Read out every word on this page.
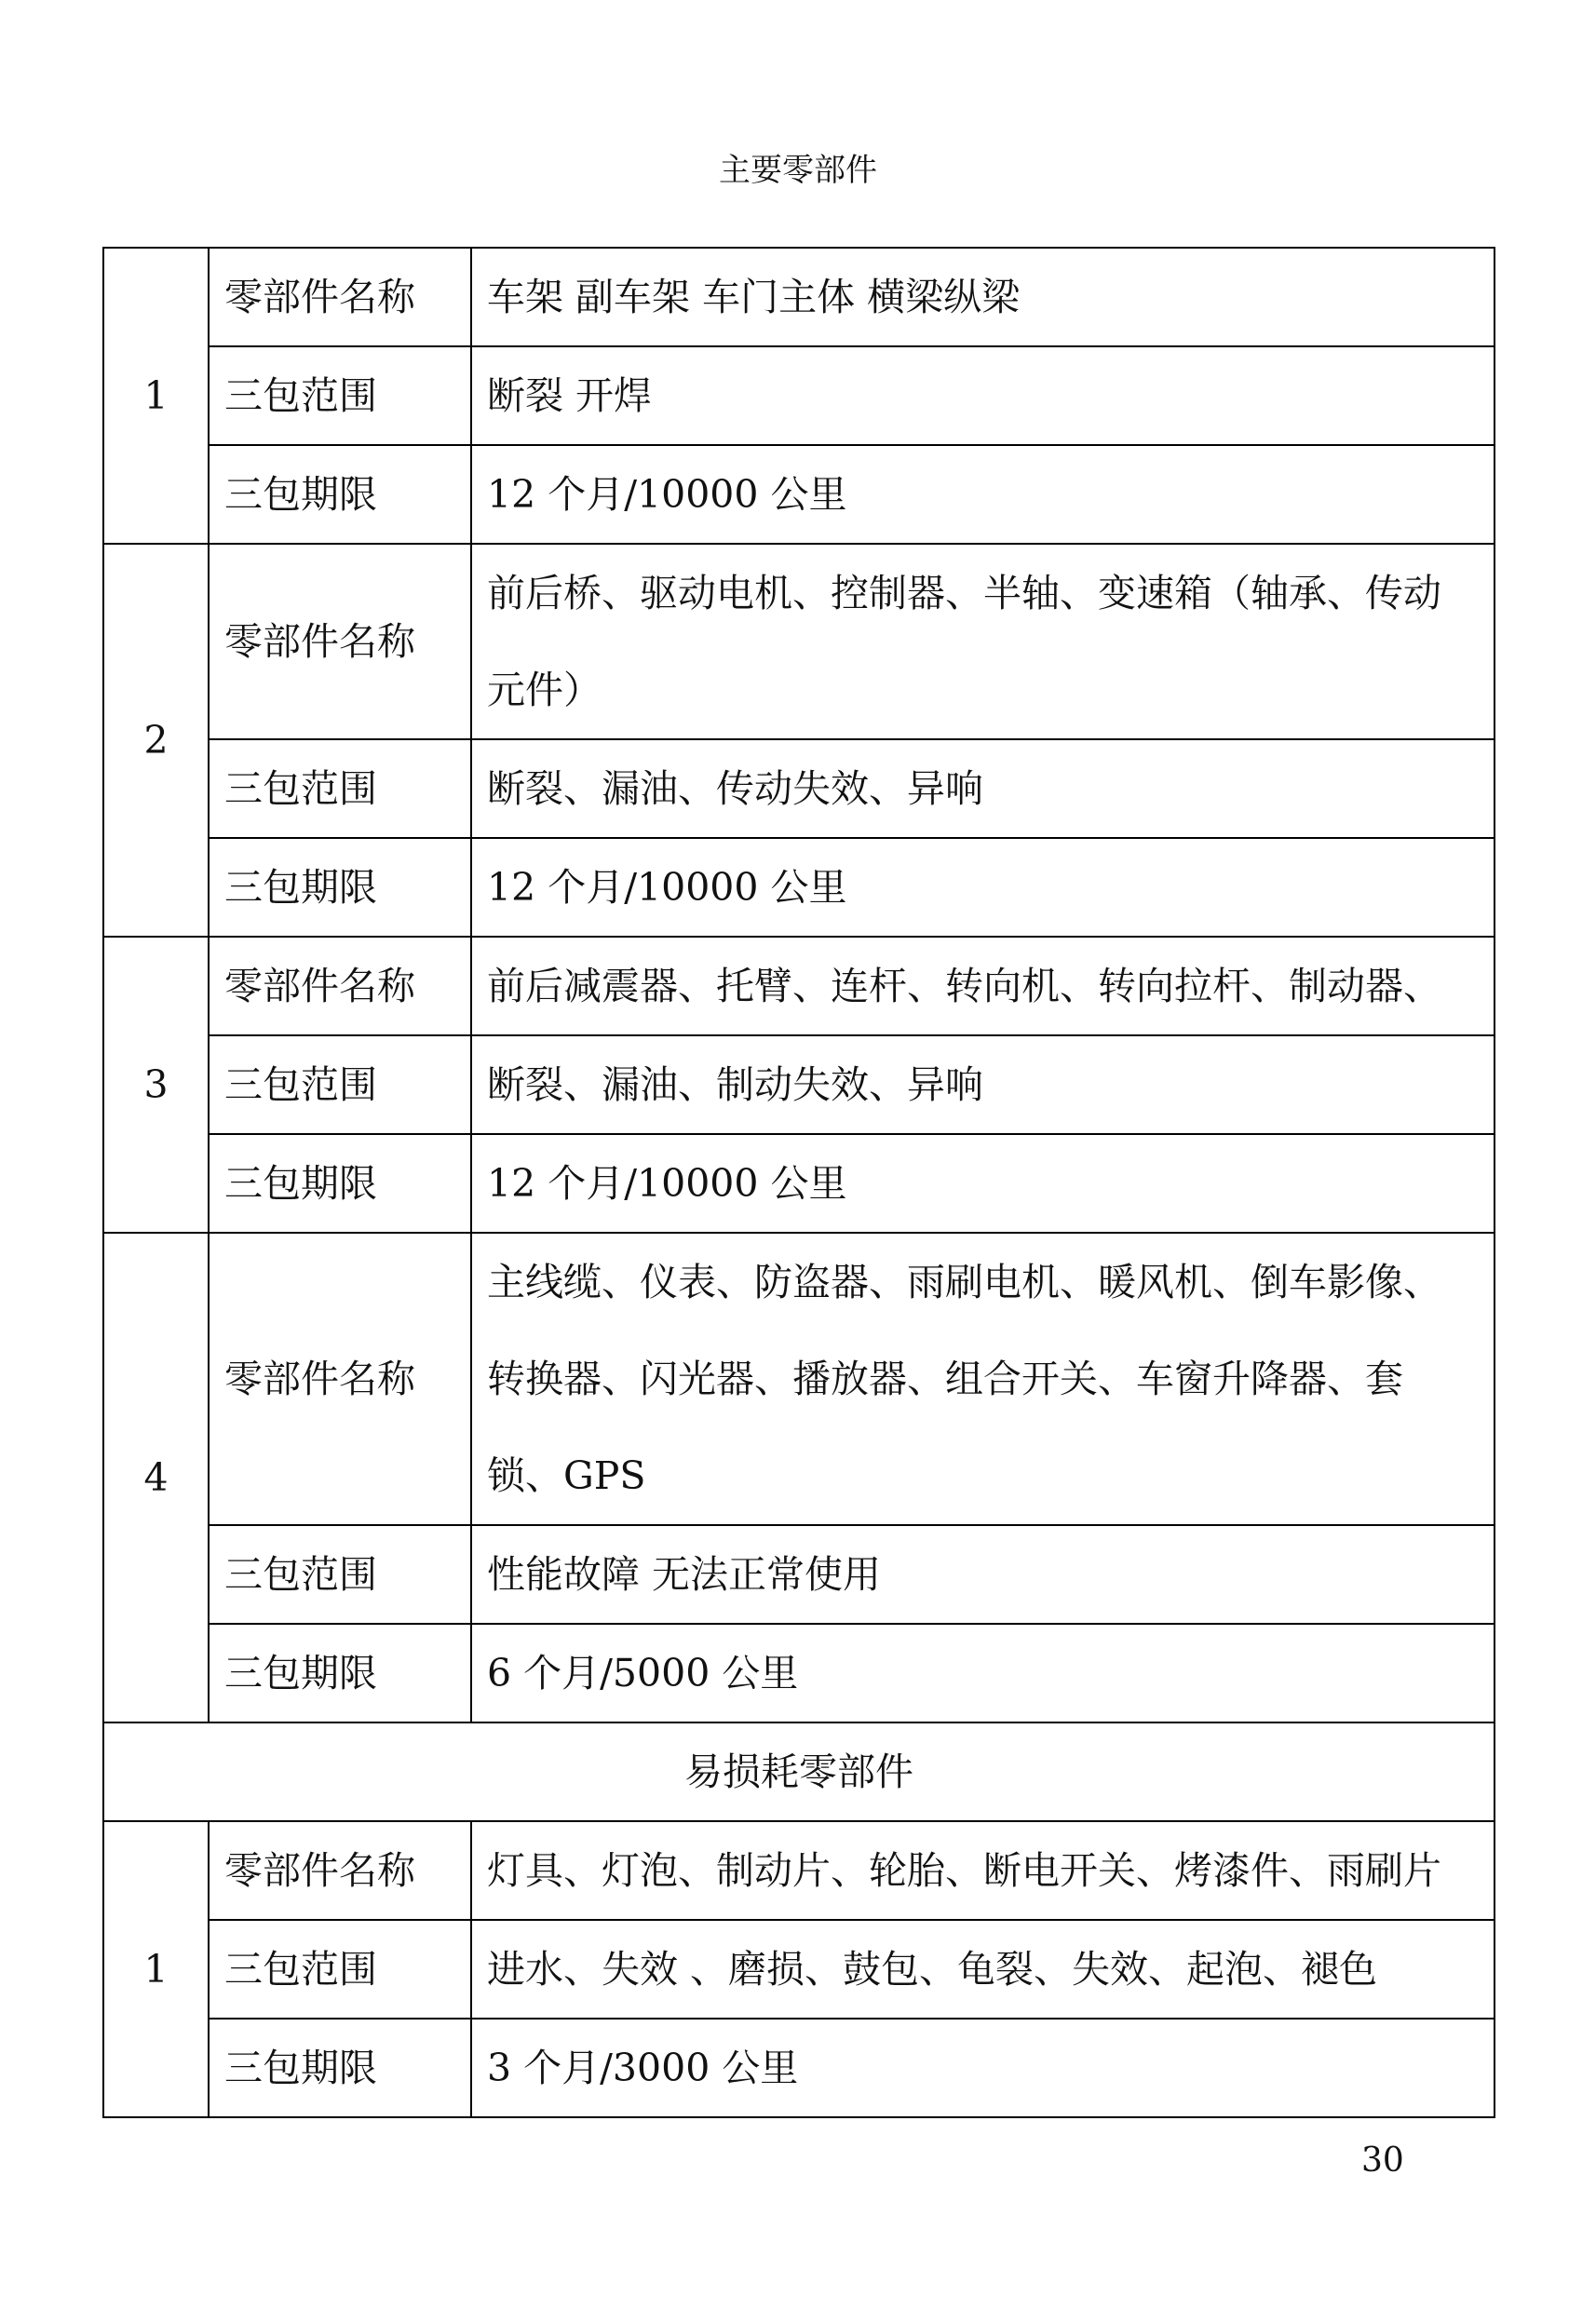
主要零部件
1	零部件名称	车架 副车架 车门主体 横梁纵梁
	三包范围	断裂 开焊
	三包期限	12 个月/10000 公里
2	零部件名称	前后桥、驱动电机、控制器、半轴、变速箱（轴承、传动元件）
	三包范围	断裂、漏油、传动失效、异响
	三包期限	12 个月/10000 公里
3	零部件名称	前后减震器、托臂、连杆、转向机、转向拉杆、制动器、
	三包范围	断裂、漏油、制动失效、异响
	三包期限	12 个月/10000 公里
4	零部件名称	主线缆、仪表、防盗器、雨刷电机、暖风机、倒车影像、转换器、闪光器、播放器、组合开关、车窗升降器、套锁、GPS
	三包范围	性能故障 无法正常使用
	三包期限	6 个月/5000 公里
易损耗零部件		
1	零部件名称	灯具、灯泡、制动片、轮胎、断电开关、烤漆件、雨刷片
	三包范围	进水、失效 、磨损、鼓包、龟裂、失效、起泡、褪色
	三包期限	3 个月/3000 公里
30
